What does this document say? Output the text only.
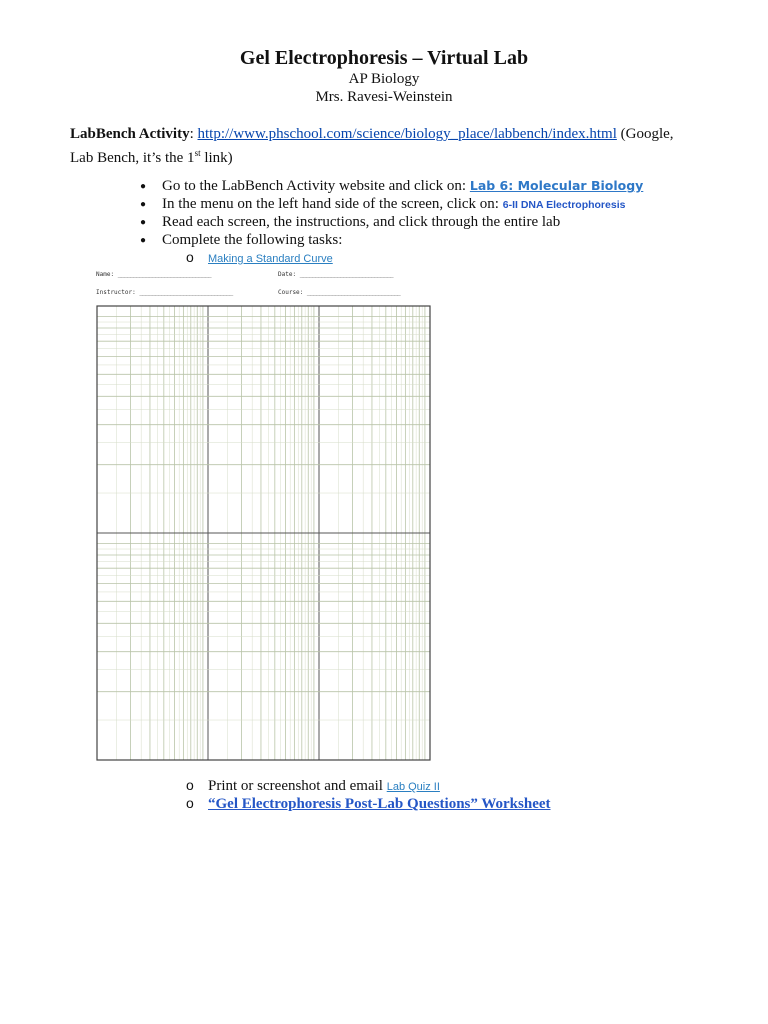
Gel Electrophoresis – Virtual Lab
AP Biology
Mrs. Ravesi-Weinstein
LabBench Activity: http://www.phschool.com/science/biology_place/labbench/index.html (Google, Lab Bench, it’s the 1st link)
● Go to the LabBench Activity website and click on: Lab 6: Molecular Biology
● In the menu on the left hand side of the screen, click on: 6-II DNA Electrophoresis
● Read each screen, the instructions, and click through the entire lab
● Complete the following tasks:
o Making a Standard Curve
Name: ______________________________	Date: ______________________________
Instructor: ______________________________	Course: ______________________________
o Print or screenshot and email Lab Quiz II
o “Gel Electrophoresis Post-Lab Questions” Worksheet
